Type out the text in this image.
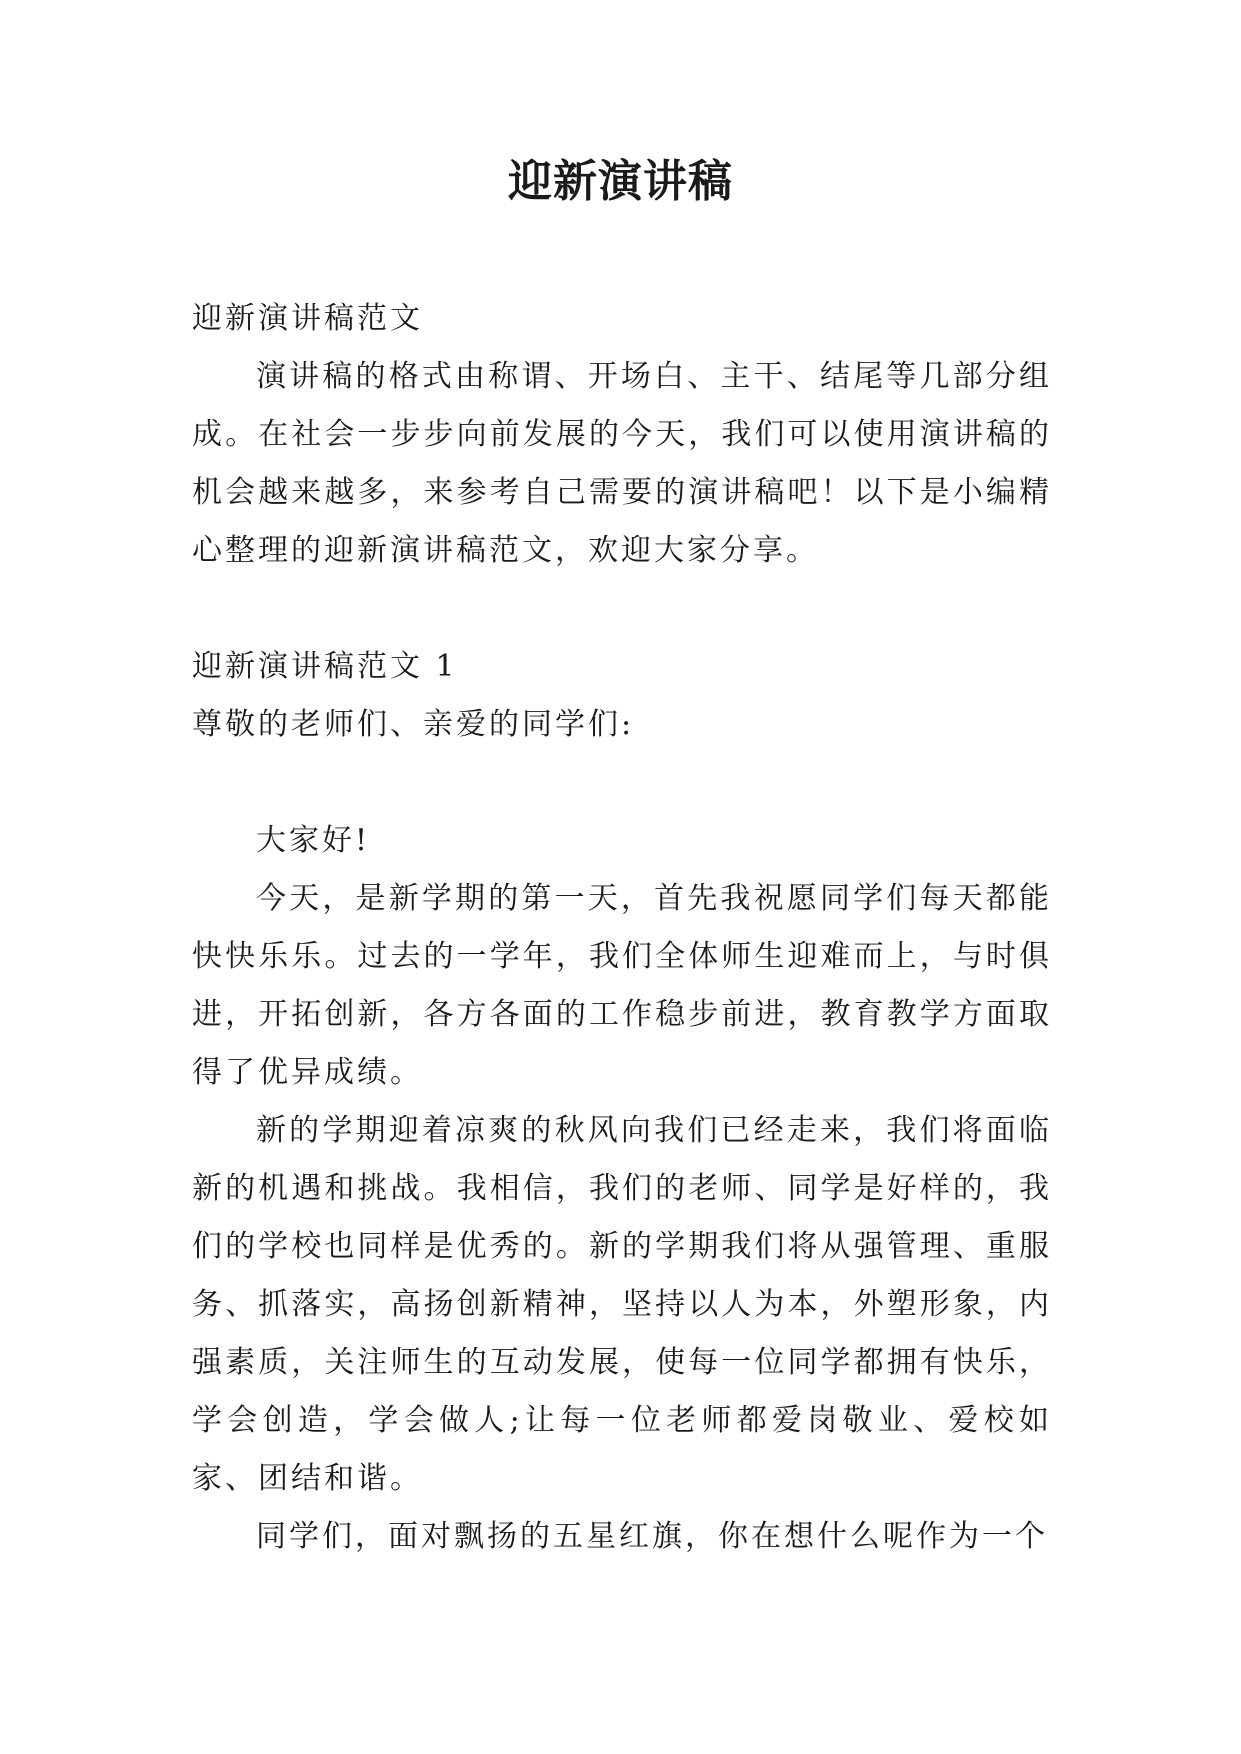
迎新演讲稿
迎新演讲稿范文
演讲稿的格式由称谓、开场白、主干、结尾等几部分组成。在社会一步步向前发展的今天，我们可以使用演讲稿的机会越来越多，来参考自己需要的演讲稿吧！以下是小编精心整理的迎新演讲稿范文，欢迎大家分享。
迎新演讲稿范文 1
尊敬的老师们、亲爱的同学们:
大家好!
今天，是新学期的第一天，首先我祝愿同学们每天都能快快乐乐。过去的一学年，我们全体师生迎难而上，与时俱进，开拓创新，各方各面的工作稳步前进，教育教学方面取得了优异成绩。
新的学期迎着凉爽的秋风向我们已经走来，我们将面临新的机遇和挑战。我相信，我们的老师、同学是好样的，我们的学校也同样是优秀的。新的学期我们将从强管理、重服务、抓落实，高扬创新精神，坚持以人为本，外塑形象，内强素质，关注师生的互动发展，使每一位同学都拥有快乐，学会创造，学会做人;让每一位老师都爱岗敬业、爱校如家、团结和谐。
同学们，面对飘扬的五星红旗，你在想什么呢作为一个
